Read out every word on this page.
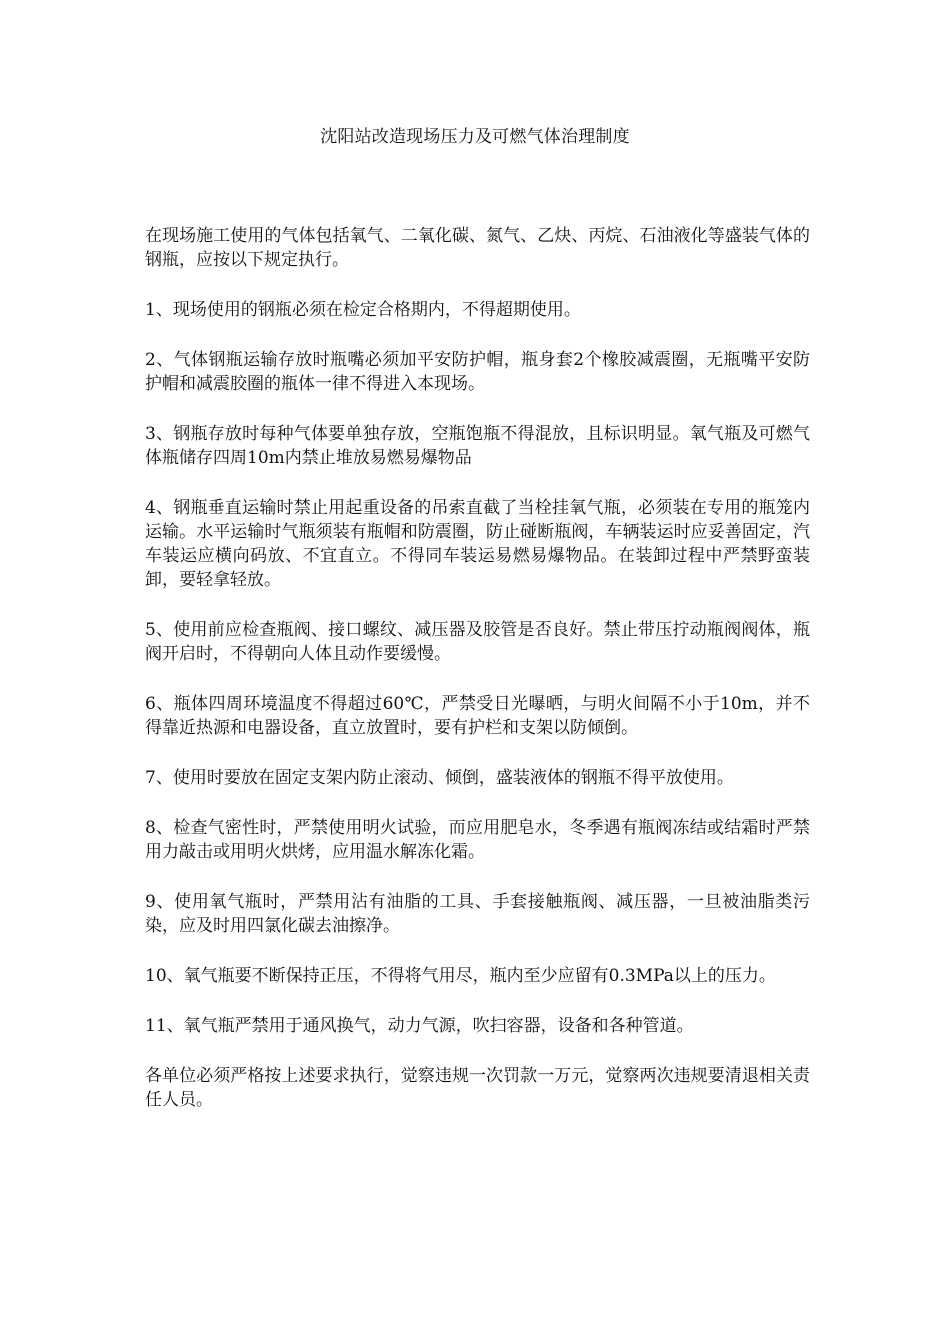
沈阳站改造现场压力及可燃气体治理制度

在现场施工使用的气体包括氧气、二氧化碳、氮气、乙炔、丙烷、石油液化等盛装气体的钢瓶，应按以下规定执行。

1、现场使用的钢瓶必须在检定合格期内，不得超期使用。

2、气体钢瓶运输存放时瓶嘴必须加平安防护帽，瓶身套2个橡胶减震圈，无瓶嘴平安防护帽和减震胶圈的瓶体一律不得进入本现场。

3、钢瓶存放时每种气体要单独存放，空瓶饱瓶不得混放，且标识明显。氧气瓶及可燃气体瓶储存四周10m内禁止堆放易燃易爆物品

4、钢瓶垂直运输时禁止用起重设备的吊索直截了当栓挂氧气瓶，必须装在专用的瓶笼内运输。水平运输时气瓶须装有瓶帽和防震圈，防止碰断瓶阀，车辆装运时应妥善固定，汽车装运应横向码放、不宜直立。不得同车装运易燃易爆物品。在装卸过程中严禁野蛮装卸，要轻拿轻放。

5、使用前应检查瓶阀、接口螺纹、减压器及胶管是否良好。禁止带压拧动瓶阀阀体，瓶阀开启时，不得朝向人体且动作要缓慢。

6、瓶体四周环境温度不得超过60℃，严禁受日光曝晒，与明火间隔不小于10m，并不得靠近热源和电器设备，直立放置时，要有护栏和支架以防倾倒。

7、使用时要放在固定支架内防止滚动、倾倒，盛装液体的钢瓶不得平放使用。

8、检查气密性时，严禁使用明火试验，而应用肥皂水，冬季遇有瓶阀冻结或结霜时严禁用力敲击或用明火烘烤，应用温水解冻化霜。

9、使用氧气瓶时，严禁用沾有油脂的工具、手套接触瓶阀、减压器，一旦被油脂类污染，应及时用四氯化碳去油擦净。

10、氧气瓶要不断保持正压，不得将气用尽，瓶内至少应留有0.3MPa以上的压力。

11、氧气瓶严禁用于通风换气，动力气源，吹扫容器，设备和各种管道。

各单位必须严格按上述要求执行，觉察违规一次罚款一万元，觉察两次违规要清退相关责任人员。
